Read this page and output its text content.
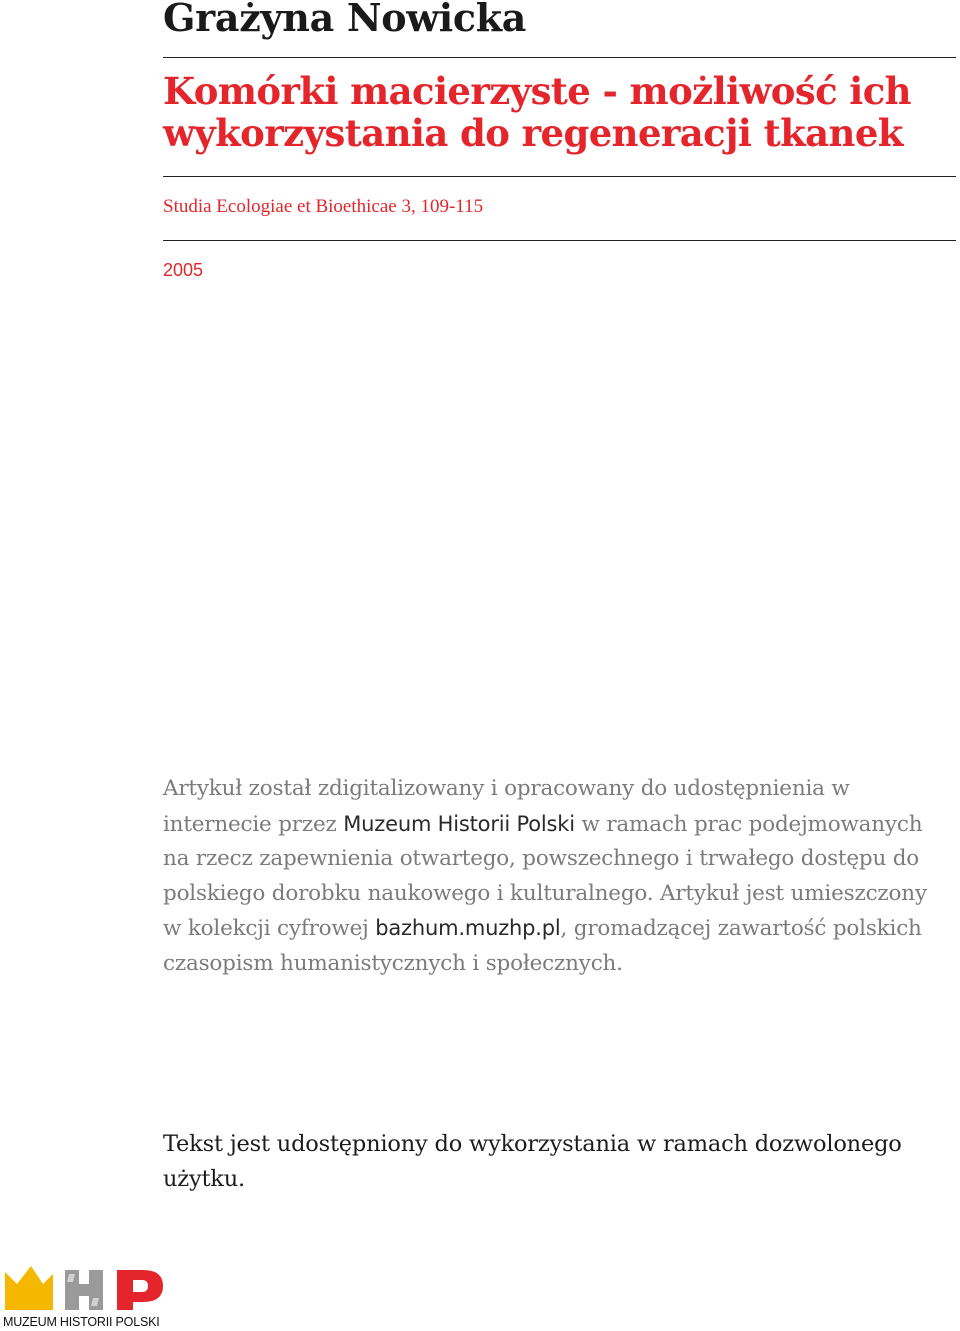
Grażyna Nowicka
Komórki macierzyste - możliwość ich wykorzystania do regeneracji tkanek

Studia Ecologiae et Bioethicae 3, 109-115

2005

Artykuł został zdigitalizowany i opracowany do udostępnienia w internecie przez Muzeum Historii Polski w ramach prac podejmowanych na rzecz zapewnienia otwartego, powszechnego i trwałego dostępu do polskiego dorobku naukowego i kulturalnego. Artykuł jest umieszczony w kolekcji cyfrowej bazhum.muzhp.pl, gromadzącej zawartość polskich czasopism humanistycznych i społecznych.

Tekst jest udostępniony do wykorzystania w ramach dozwolonego użytku.

MUZEUM HISTORII POLSKI
